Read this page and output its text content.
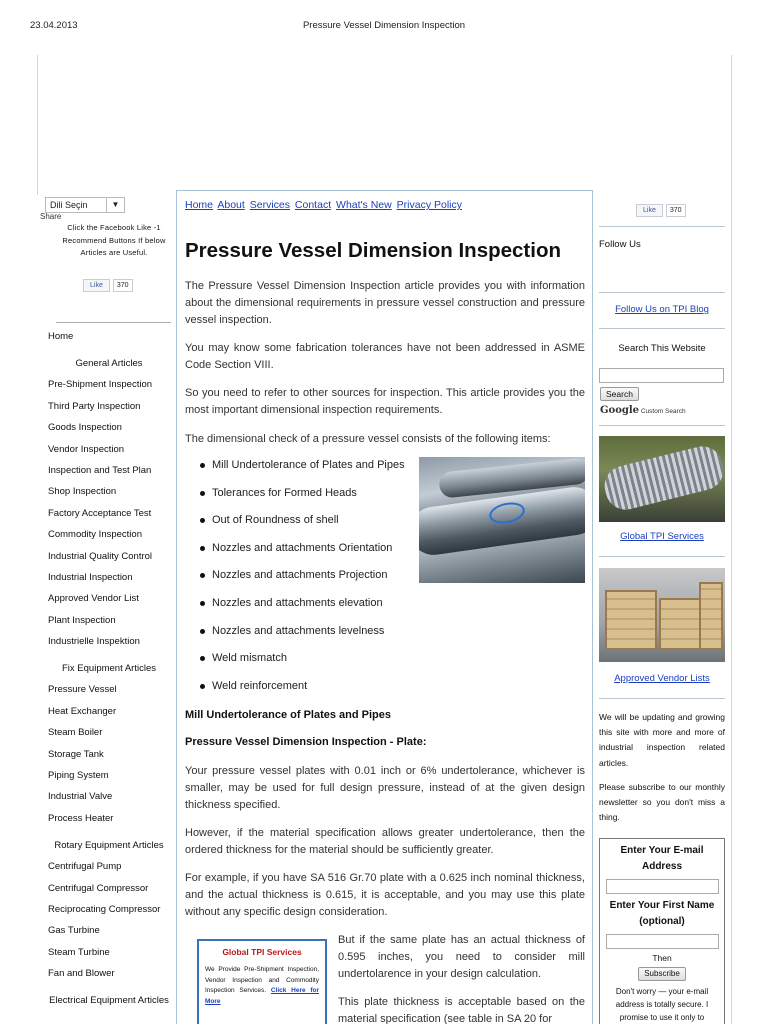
23.04.2013	Pressure Vessel Dimension Inspection
Dili Seçin	▼
Share
Click the Facebook Like -1 Recommend Buttons If below Articles are Useful.
Like	370
Home
General Articles
Pre-Shipment Inspection
Third Party Inspection
Goods Inspection
Vendor Inspection
Inspection and Test Plan
Shop Inspection
Factory Acceptance Test
Commodity Inspection
Industrial Quality Control
Industrial Inspection
Approved Vendor List
Plant Inspection
Industrielle Inspektion
Fix Equipment Articles
Pressure Vessel
Heat Exchanger
Steam Boiler
Storage Tank
Piping System
Industrial Valve
Process Heater
Rotary Equipment Articles
Centrifugal Pump
Centrifugal Compressor
Reciprocating Compressor
Gas Turbine
Steam Turbine
Fan and Blower
Electrical Equipment Articles
Home About Services Contact What's New Privacy Policy
Pressure Vessel Dimension Inspection

The Pressure Vessel Dimension Inspection article provides you with information about the dimensional requirements in pressure vessel construction and pressure vessel inspection.

You may know some fabrication tolerances have not been addressed in ASME Code Section VIII.

So you need to refer to other sources for inspection. This article provides you the most important dimensional inspection requirements.

The dimensional check of a pressure vessel consists of the following items:

Mill Undertolerance of Plates and Pipes
Tolerances for Formed Heads
Out of Roundness of shell
Nozzles and attachments Orientation
Nozzles and attachments Projection
Nozzles and attachments elevation
Nozzles and attachments levelness
Weld mismatch
Weld reinforcement
Mill Undertolerance of Plates and Pipes
Pressure Vessel Dimension Inspection - Plate:

Your pressure vessel plates with 0.01 inch or 6% undertolerance, whichever is smaller, may be used for full design pressure, instead of at the given design thickness specified.

However, if the material specification allows greater undertolerance, then the ordered thickness for the material should be sufficiently greater.

For example, if you have SA 516 Gr.70 plate with a 0.625 inch nominal thickness, and the actual thickness is 0.615, it is acceptable, and you may use this plate without any specific design consideration.

Global TPI Services
We Provide Pre-Shipment Inspection, Vendor Inspection and Commodity Inspection Services. Click Here for More

But if the same plate has an actual thickness of 0.595 inches, you need to consider mill undertolarence in your design calculation.

This plate thickness is acceptable based on the material specification (see table in SA 20 for

Like	370
Follow Us
Follow Us on TPI Blog
Search This Website
Search
Google Custom Search
Global TPI Services
Approved Vendor Lists

We will be updating and growing this site with more and more of industrial inspection related articles.

Please subscribe to our monthly newsletter so you don't miss a thing.

Enter Your E-mail Address
Enter Your First Name (optional)
Then
Subscribe
Don't worry — your e-mail address is totally secure. I promise to use it only to
